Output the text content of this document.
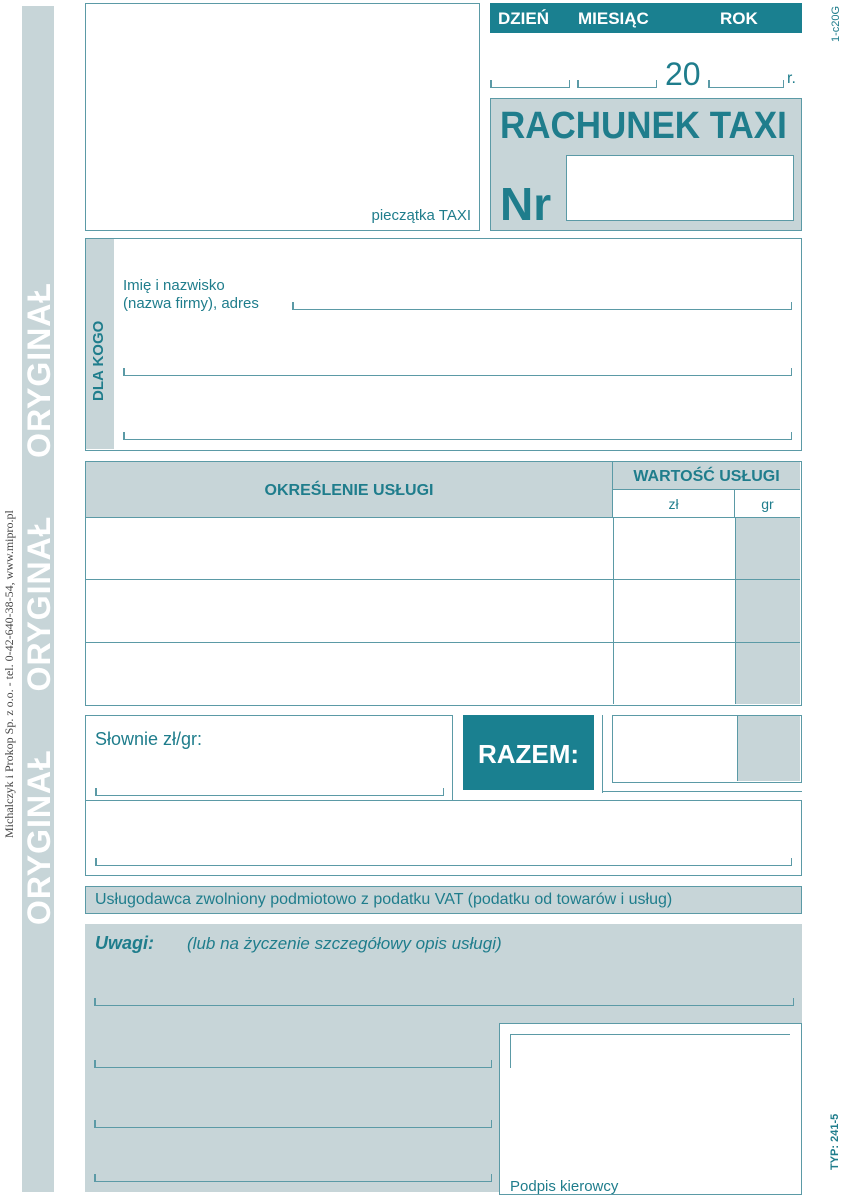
ORYGINAŁ ORYGINAŁ ORYGINAŁ
Michalczyk i Prokop Sp. z o.o. - tel. 0-42-640-38-54, www.mipro.pl
1-c20G
TYP: 241-5
pieczątka TAXI
DZIEŃ MIESIĄC	ROK
20	r.
RACHUNEK TAXI
Nr
DLA KOGO
Imię i nazwisko
(nazwa firmy), adres
OKREŚLENIE USŁUGI
WARTOŚĆ USŁUGI
zł	gr
Słownie zł/gr:	RAZEM:
Usługodawca zwolniony podmiotowo z podatku VAT (podatku od towarów i usług)
Uwagi: (lub na życzenie szczegółowy opis usługi)
Podpis kierowcy
